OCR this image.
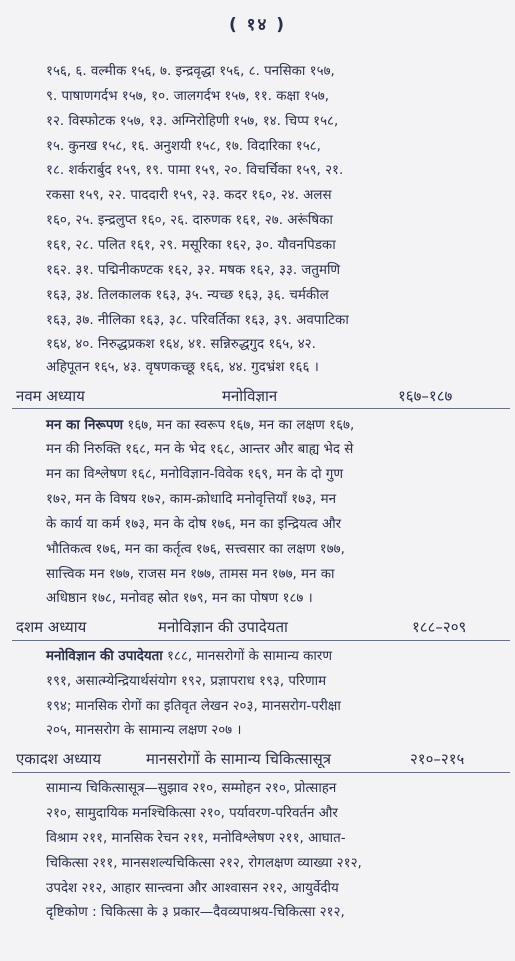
( १४ )
१५६, ६. वल्मीक १५६, ७. इन्द्रवृद्धा १५६, ८. पनसिका १५७,
९. पाषाणगर्दभ १५७, १०. जालगर्दभ १५७, ११. कक्षा १५७,
१२. विस्फोटक १५७, १३. अग्निरोहिणी १५७, १४. चिप्प १५८,
१५. कुनख १५८, १६. अनुशयी १५८, १७. विदारिका १५८,
१८. शर्करार्बुद १५९, १९. पामा १५९, २०. विचर्चिका १५९, २१.
रकसा १५९, २२. पाददारी १५९, २३. कदर १६०, २४. अलस
१६०, २५. इन्द्रलुप्त १६०, २६. दारुणक १६१, २७. अरूंषिका
१६१, २८. पलित १६१, २९. मसूरिका १६२, ३०. यौवनपिडका
१६२. ३१. पद्मिनीकण्टक १६२, ३२. मषक १६२, ३३. जतुमणि
१६३, ३४. तिलकालक १६३, ३५. न्यच्छ १६३, ३६. चर्मकील
१६३, ३७. नीलिका १६३, ३८. परिवर्तिका १६३, ३९. अवपाटिका
१६४, ४०. निरुद्धप्रकश १६४, ४१. सन्निरुद्धगुद १६५, ४२.
अहिपूतन १६५, ४३. वृषणकच्छू १६६, ४४. गुदभ्रंश १६६ ।
नवम अध्याय	मनोविज्ञान	१६७–१८७
मन का निरूपण १६७, मन का स्वरूप १६७, मन का लक्षण १६७,
मन की निरुक्ति १६८, मन के भेद १६८, आन्तर और बाह्य भेद से
मन का विश्लेषण १६८, मनोविज्ञान-विवेक १६९, मन के दो गुण
१७२, मन के विषय १७२, काम-क्रोधादि मनोवृत्तियाँ १७३, मन
के कार्य या कर्म १७३, मन के दोष १७६, मन का इन्द्रियत्व और
भौतिकत्व १७६, मन का कर्तृत्व १७६, सत्त्वसार का लक्षण १७७,
सात्त्विक मन १७७, राजस मन १७७, तामस मन १७७, मन का
अधिष्ठान १७८, मनोवह स्रोत १७९, मन का पोषण १८७ ।
दशम अध्याय	मनोविज्ञान की उपादेयता	१८८–२०९
मनोविज्ञान की उपादेयता १८८, मानसरोगों के सामान्य कारण
१९१, असात्म्येन्द्रियार्थसंयोग १९२, प्रज्ञापराध १९३, परिणाम
१९४; मानसिक रोगों का इतिवृत लेखन २०३, मानसरोग-परीक्षा
२०५, मानसरोग के सामान्य लक्षण २०७ ।
एकादश अध्याय	मानसरोगों के सामान्य चिकित्सासूत्र	२१०–२१५
सामान्य चिकित्सासूत्र—सुझाव २१०, सम्मोहन २१०, प्रोत्साहन
२१०, सामुदायिक मनश्चिकित्सा २१०, पर्यावरण-परिवर्तन और
विश्राम २११, मानसिक रेचन २११, मनोविश्लेषण २११, आघात-
चिकित्सा २११, मानसशल्यचिकित्सा २१२, रोगलक्षण व्याख्या २१२,
उपदेश २१२, आहार सान्त्वना और आश्वासन २१२, आयुर्वेदीय
दृष्टिकोण : चिकित्सा के ३ प्रकार—दैवव्यपाश्रय-चिकित्सा २१२,
